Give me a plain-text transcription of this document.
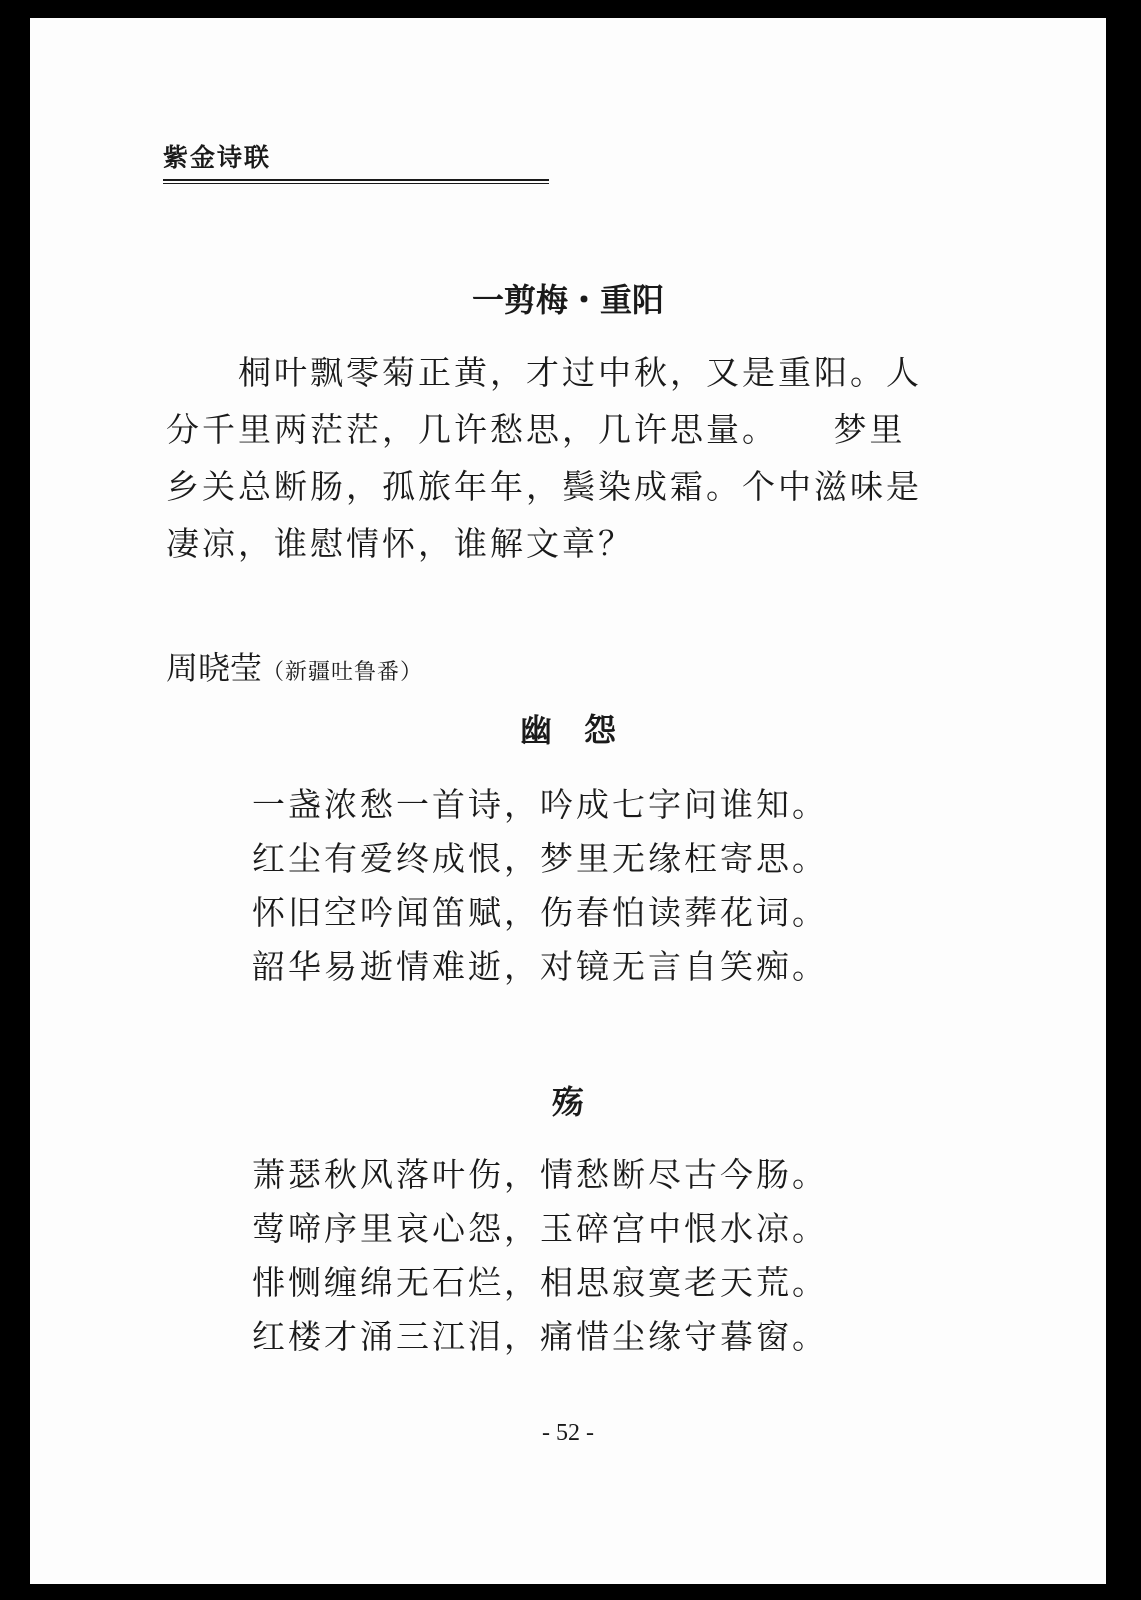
紫金诗联
一剪梅・重阳

桐叶飘零菊正黄，才过中秋，又是重阳。人分千里两茫茫，几许愁思，几许思量。　　梦里乡关总断肠，孤旅年年，鬓染成霜。个中滋味是凄凉，谁慰情怀，谁解文章？

周晓莹（新疆吐鲁番）
幽　怨
一盏浓愁一首诗，吟成七字问谁知。
红尘有爱终成恨，梦里无缘枉寄思。
怀旧空吟闻笛赋，伤春怕读葬花词。
韶华易逝情难逝，对镜无言自笑痴。
殇
萧瑟秋风落叶伤，情愁断尽古今肠。
莺啼序里哀心怨，玉碎宫中恨水凉。
悱恻缠绵无石烂，相思寂寞老天荒。
红楼才涌三江泪，痛惜尘缘守暮窗。
- 52 -
